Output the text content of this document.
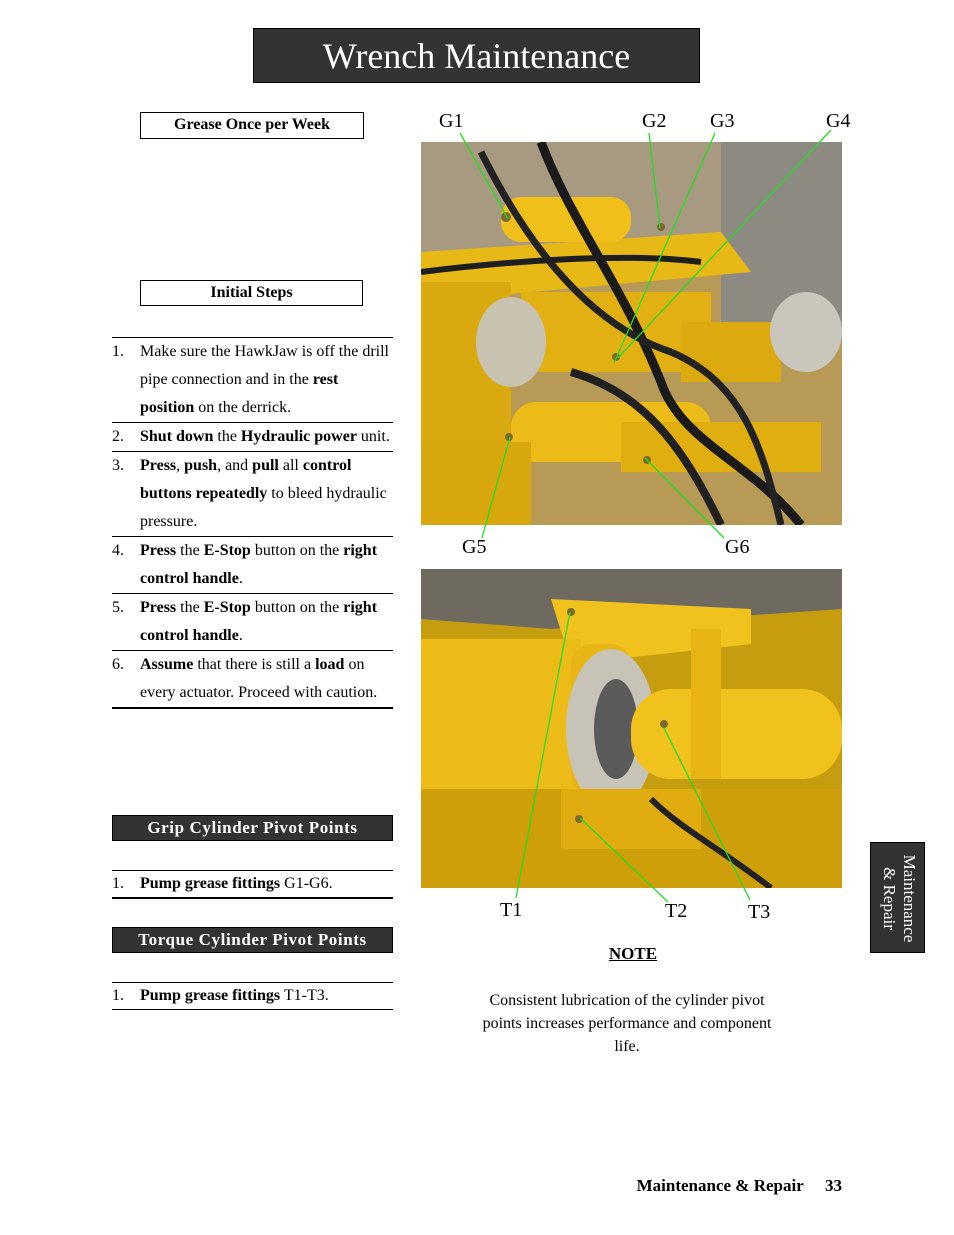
Wrench Maintenance
Grease Once per Week
Initial Steps
1.	Make sure the HawkJaw is off the drill pipe connection and in the rest position on the derrick.
2.	Shut down the Hydraulic power unit.
3.	Press, push, and pull all control buttons repeatedly to bleed hydraulic pressure.
4.	Press the E-Stop button on the right control handle.
5.	Press the E-Stop button on the right control handle.
6.	Assume that there is still a load on every actuator. Proceed with caution.
Grip Cylinder Pivot Points
1.	Pump grease fittings G1-G6.
Torque Cylinder Pivot Points
1.	Pump grease fittings T1-T3.
G1	G2 G3	G4
G5	G6
T1	T2	T3
NOTE
Consistent lubrication of the cylinder pivot points increases performance and component life.
Maintenance
& Repair
Maintenance & Repair 33
